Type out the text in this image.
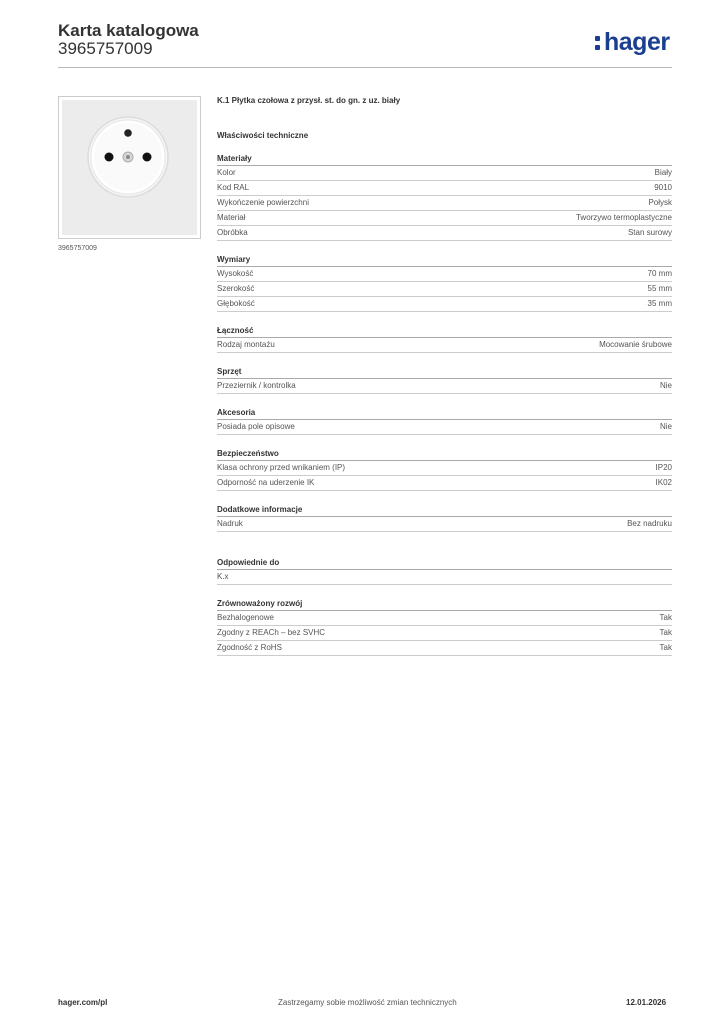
Karta katalogowa
3965757009	hager
3965757009
K.1 Płytka czołowa z przysł. st. do gn. z uz. biały
Właściwości techniczne
Materiały
Kolor	Biały
Kod RAL	9010
Wykończenie powierzchni	Połysk
Materiał	Tworzywo termoplastyczne
Obróbka	Stan surowy
Wymiary
Wysokość	70 mm
Szerokość	55 mm
Głębokość	35 mm
Łączność
Rodzaj montażu	Mocowanie śrubowe
Sprzęt
Przeziernik / kontrolka	Nie
Akcesoria
Posiada pole opisowe	Nie
Bezpieczeństwo
Klasa ochrony przed wnikaniem (IP)	IP20
Odporność na uderzenie IK	IK02
Dodatkowe informacje
Nadruk	Bez nadruku
Odpowiednie do
K.x
Zrównoważony rozwój
Bezhalogenowe	Tak
Zgodny z REACh – bez SVHC	Tak
Zgodność z RoHS	Tak
hager.com/pl	Zastrzegamy sobie możliwość zmian technicznych	12.01.2026
